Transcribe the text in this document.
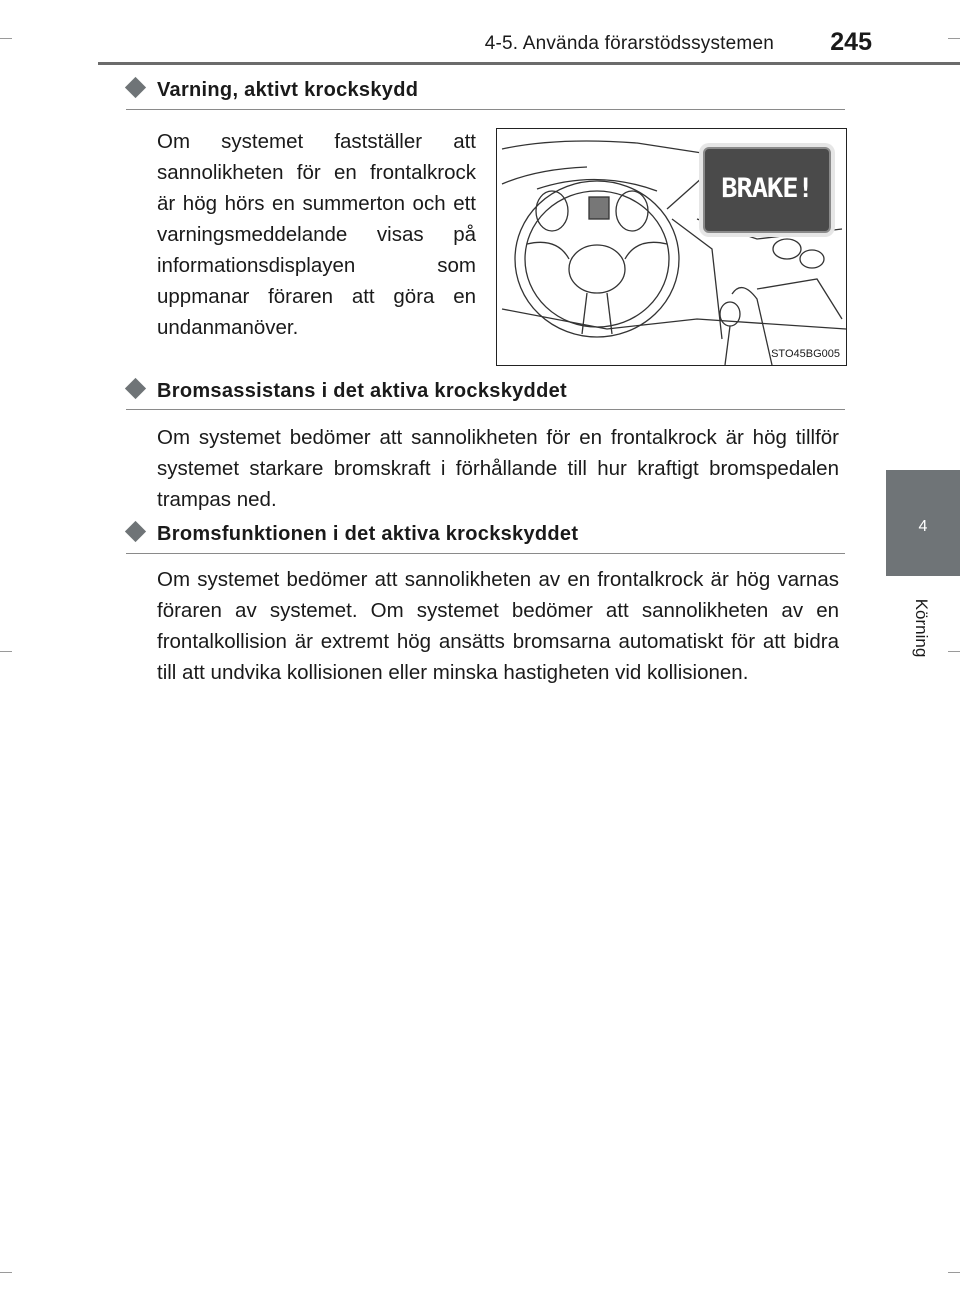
4-5. Använda förarstödssystemen 245
4
Körning
Varning, aktivt krockskydd
Om systemet fastställer att sannolikheten för en frontalkrock är hög hörs en summerton och ett varningsmeddelande visas på informationsdisplayen som uppmanar föraren att göra en undanmanöver.
BRAKE!
STO45BG005
Bromsassistans i det aktiva krockskyddet
Om systemet bedömer att sannolikheten för en frontalkrock är hög tillför systemet starkare bromskraft i förhållande till hur kraftigt bromspedalen trampas ned.
Bromsfunktionen i det aktiva krockskyddet
Om systemet bedömer att sannolikheten av en frontalkrock är hög varnas föraren av systemet. Om systemet bedömer att sannolikheten av en frontalkollision är extremt hög ansätts bromsarna automatiskt för att bidra till att undvika kollisionen eller minska hastigheten vid kollisionen.
